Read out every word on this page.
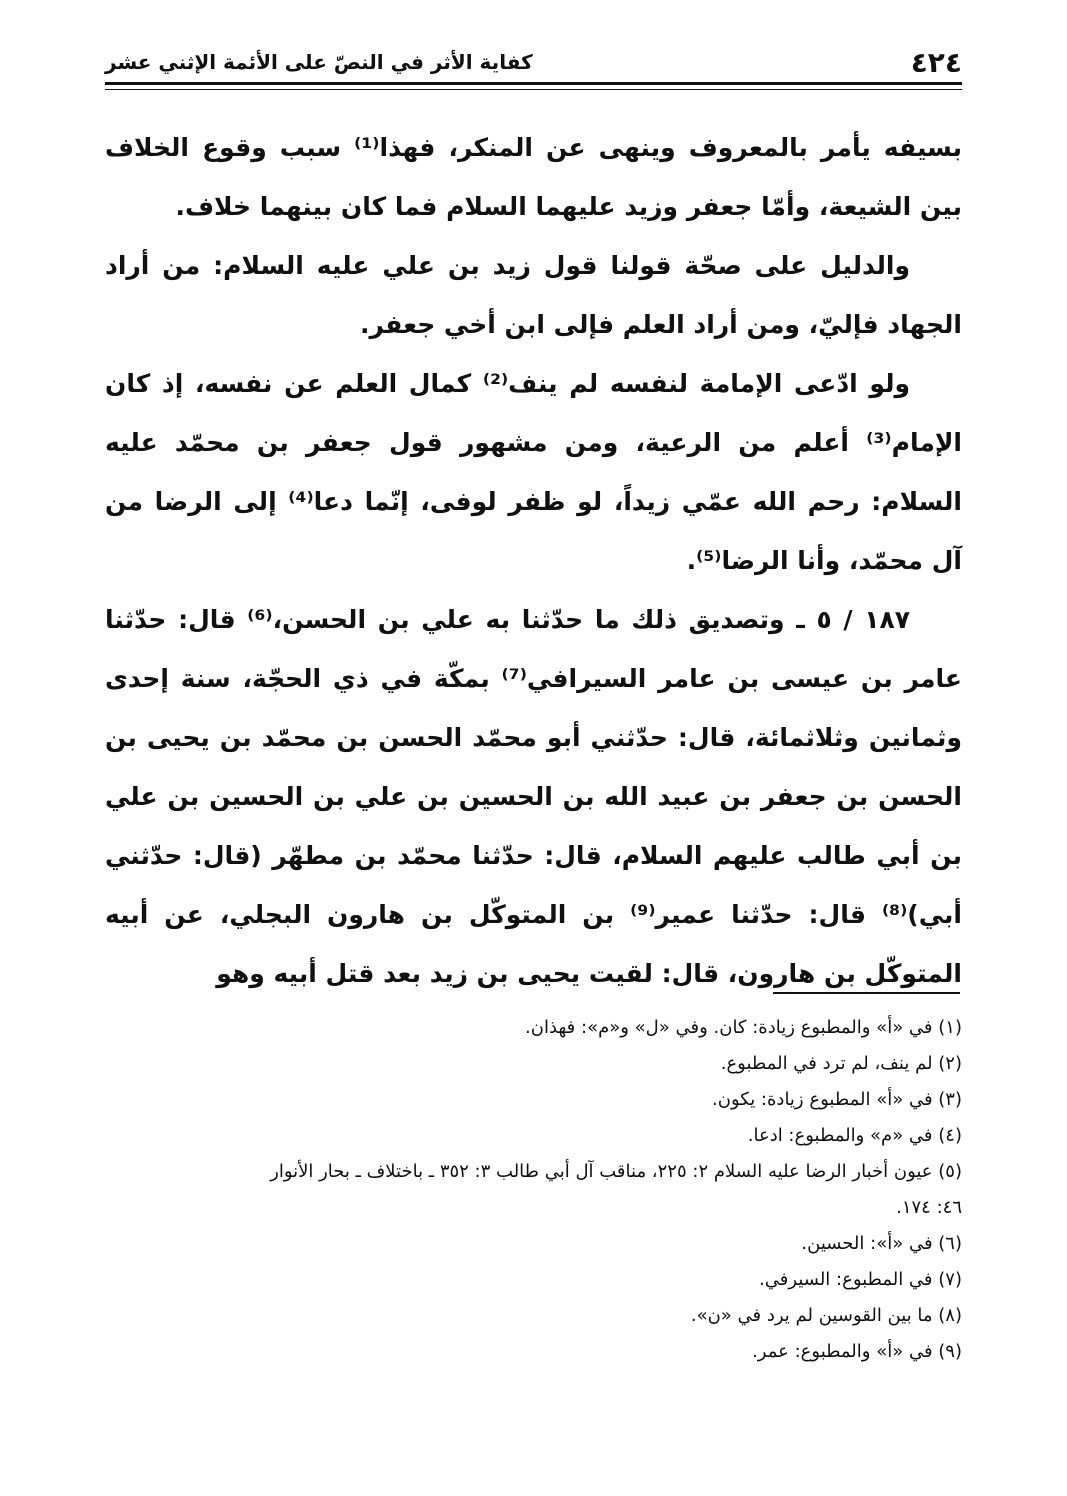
٤٢٤
كفاية الأثر في النصّ على الأئمة الإثني عشر

بسيفه يأمر بالمعروف وينهى عن المنكر، فهذا⁽¹⁾ سبب وقوع الخلاف بين الشيعة، وأمّا جعفر وزيد عليهما السلام فما كان بينهما خلاف.

والدليل على صحّة قولنا قول زيد بن علي عليه السلام: من أراد الجهاد فإليّ، ومن أراد العلم فإلى ابن أخي جعفر.

ولو ادّعى الإمامة لنفسه لم ينف⁽²⁾ كمال العلم عن نفسه، إذ كان الإمام⁽³⁾ أعلم من الرعية، ومن مشهور قول جعفر بن محمّد عليه السلام: رحم الله عمّي زيداً، لو ظفر لوفى، إنّما دعا⁽⁴⁾ إلى الرضا من آل محمّد، وأنا الرضا⁽⁵⁾.

١٨٧ / ٥ ـ وتصديق ذلك ما حدّثنا به علي بن الحسن،⁽⁶⁾ قال: حدّثنا عامر بن عيسى بن عامر السيرافي⁽⁷⁾ بمكّة في ذي الحجّة، سنة إحدى وثمانين وثلاثمائة، قال: حدّثني أبو محمّد الحسن بن محمّد بن يحيى بن الحسن بن جعفر بن عبيد الله بن الحسين بن علي بن الحسين بن علي بن أبي طالب عليهم السلام، قال: حدّثنا محمّد بن مطهّر (قال: حدّثني أبي)⁽⁸⁾ قال: حدّثنا عمير⁽⁹⁾ بن المتوكّل بن هارون البجلي، عن أبيه المتوكّل بن هارون، قال: لقيت يحيى بن زيد بعد قتل أبيه وهو

(١) في «أ» والمطبوع زيادة: كان. وفي «ل» و«م»: فهذان.

(٢) لم ينف، لم ترد في المطبوع.

(٣) في «أ» المطبوع زيادة: يكون.

(٤) في «م» والمطبوع: ادعا.

(٥) عيون أخبار الرضا عليه السلام ٢: ٢٢٥، مناقب آل أبي طالب ٣: ٣٥٢ ـ باختلاف ـ بحار الأنوار

٤٦: ١٧٤.

(٦) في «أ»: الحسين.

(٧) في المطبوع: السيرفي.

(٨) ما بين القوسين لم يرد في «ن».

(٩) في «أ» والمطبوع: عمر.
